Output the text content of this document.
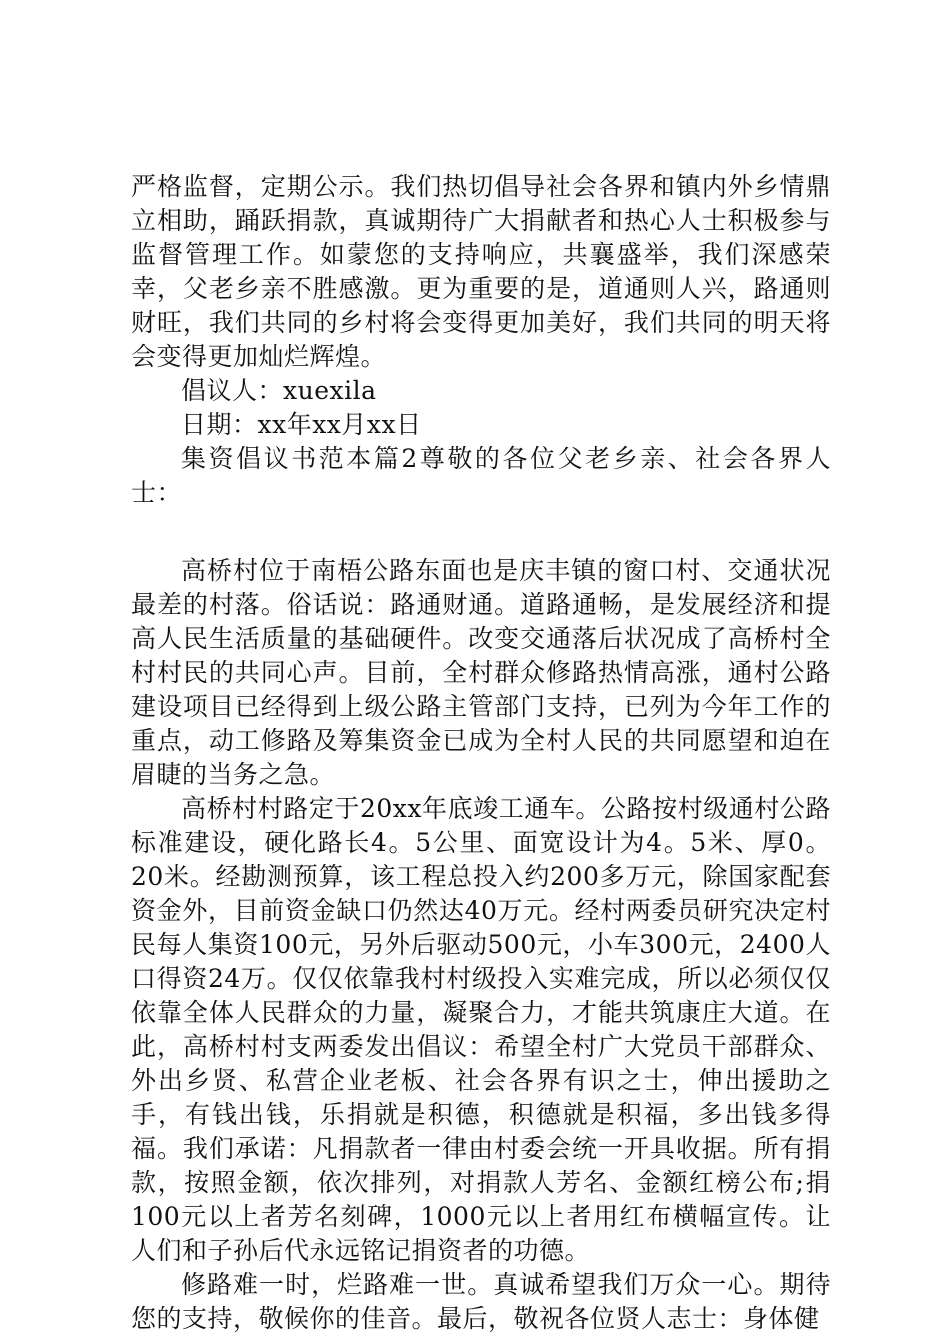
严格监督，定期公示。我们热切倡导社会各界和镇内外乡情鼎立相助，踊跃捐款，真诚期待广大捐献者和热心人士积极参与监督管理工作。如蒙您的支持响应，共襄盛举，我们深感荣幸，父老乡亲不胜感激。更为重要的是，道通则人兴，路通则财旺，我们共同的乡村将会变得更加美好，我们共同的明天将会变得更加灿烂辉煌。

倡议人：xuexila

日期：xx年xx月xx日

集资倡议书范本篇2尊敬的各位父老乡亲、社会各界人士：

高桥村位于南梧公路东面也是庆丰镇的窗口村、交通状况最差的村落。俗话说：路通财通。道路通畅，是发展经济和提高人民生活质量的基础硬件。改变交通落后状况成了高桥村全村村民的共同心声。目前，全村群众修路热情高涨，通村公路建设项目已经得到上级公路主管部门支持，已列为今年工作的重点，动工修路及筹集资金已成为全村人民的共同愿望和迫在眉睫的当务之急。

高桥村村路定于20xx年底竣工通车。公路按村级通村公路标准建设，硬化路长4。5公里、面宽设计为4。5米、厚0。20米。经勘测预算，该工程总投入约200多万元，除国家配套资金外，目前资金缺口仍然达40万元。经村两委员研究决定村民每人集资100元，另外后驱动500元，小车300元，2400人口得资24万。仅仅依靠我村村级投入实难完成，所以必须仅仅依靠全体人民群众的力量，凝聚合力，才能共筑康庄大道。在此，高桥村村支两委发出倡议：希望全村广大党员干部群众、外出乡贤、私营企业老板、社会各界有识之士，伸出援助之手，有钱出钱，乐捐就是积德，积德就是积福，多出钱多得福。我们承诺：凡捐款者一律由村委会统一开具收据。所有捐款，按照金额，依次排列，对捐款人芳名、金额红榜公布;捐100元以上者芳名刻碑，1000元以上者用红布横幅宣传。让人们和子孙后代永远铭记捐资者的功德。

修路难一时，烂路难一世。真诚希望我们万众一心。期待您的支持，敬候你的佳音。最后，敬祝各位贤人志士：身体健
